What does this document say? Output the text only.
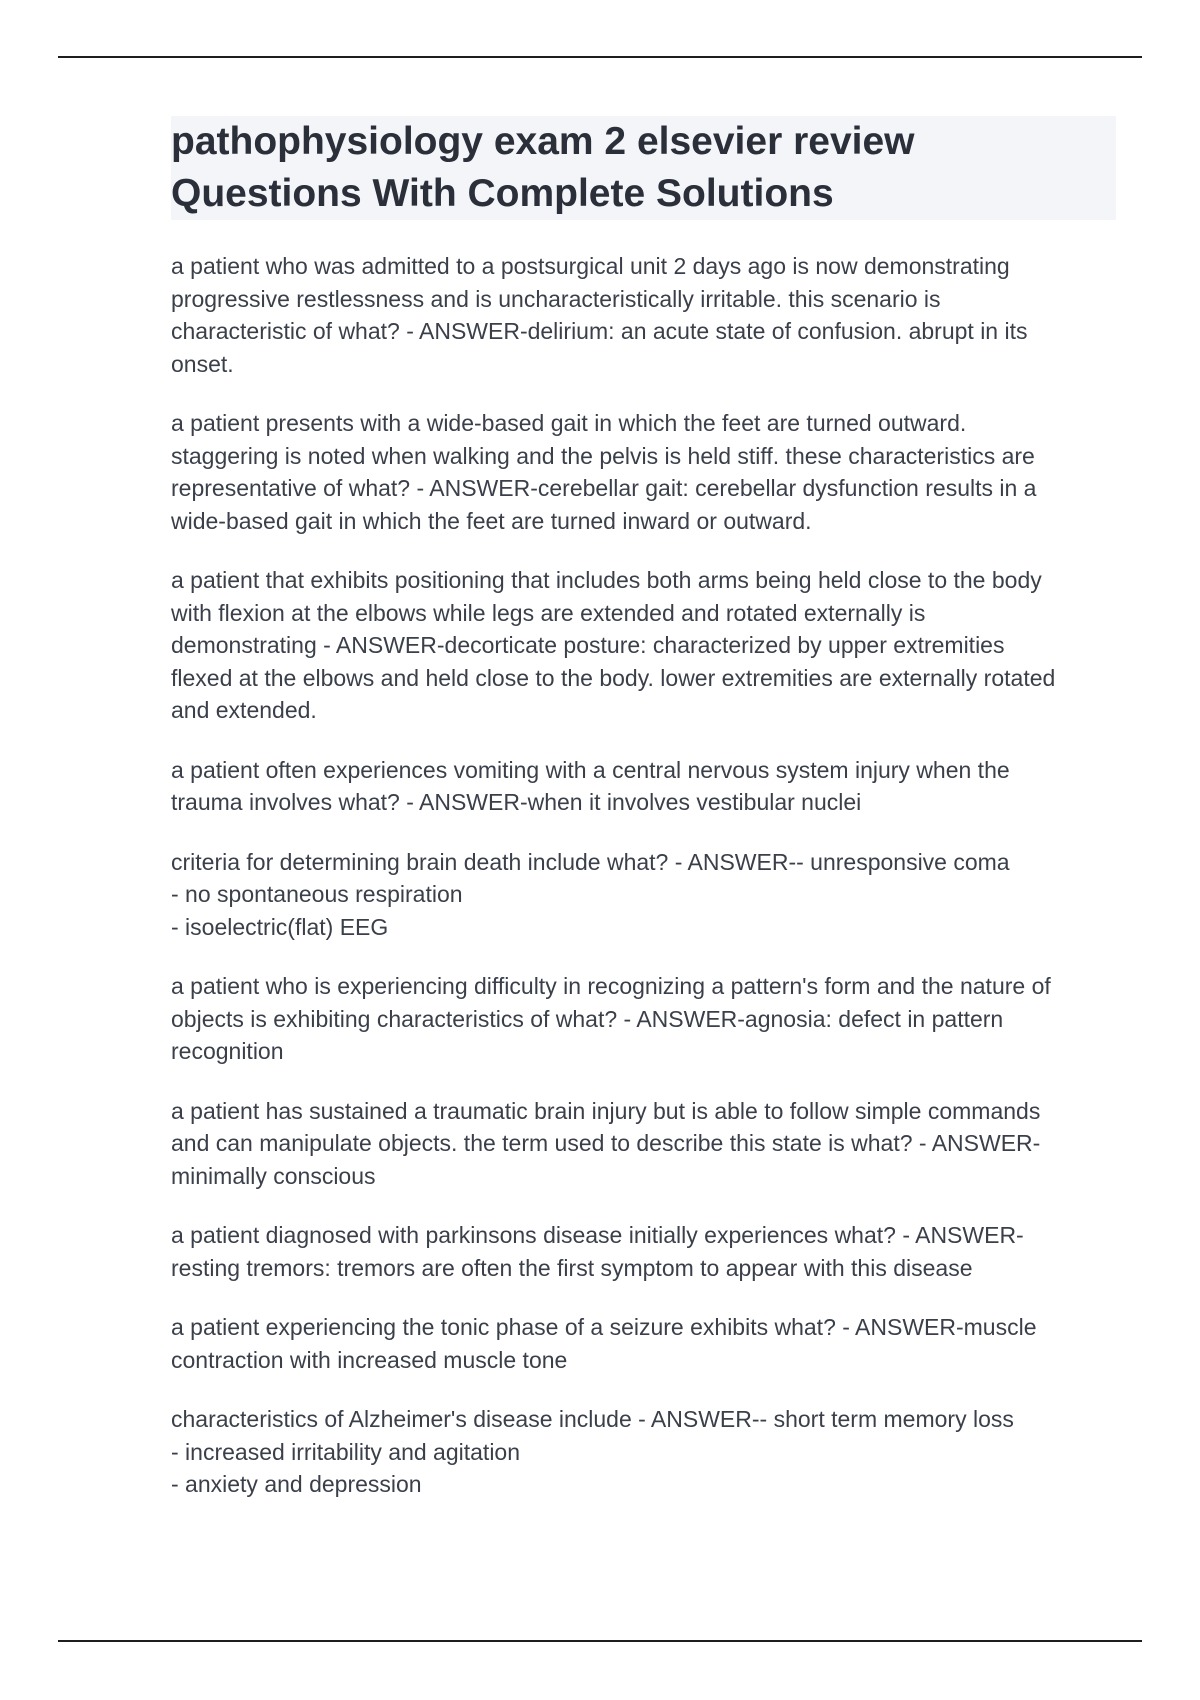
pathophysiology exam 2 elsevier review
Questions With Complete Solutions
a patient who was admitted to a postsurgical unit 2 days ago is now demonstrating
progressive restlessness and is uncharacteristically irritable. this scenario is
characteristic of what? - ANSWER-delirium: an acute state of confusion. abrupt in its
onset.
a patient presents with a wide-based gait in which the feet are turned outward.
staggering is noted when walking and the pelvis is held stiff. these characteristics are
representative of what? - ANSWER-cerebellar gait: cerebellar dysfunction results in a
wide-based gait in which the feet are turned inward or outward.
a patient that exhibits positioning that includes both arms being held close to the body
with flexion at the elbows while legs are extended and rotated externally is
demonstrating - ANSWER-decorticate posture: characterized by upper extremities
flexed at the elbows and held close to the body. lower extremities are externally rotated
and extended.
a patient often experiences vomiting with a central nervous system injury when the
trauma involves what? - ANSWER-when it involves vestibular nuclei
criteria for determining brain death include what? - ANSWER-- unresponsive coma
- no spontaneous respiration
- isoelectric(flat) EEG
a patient who is experiencing difficulty in recognizing a pattern's form and the nature of
objects is exhibiting characteristics of what? - ANSWER-agnosia: defect in pattern
recognition
a patient has sustained a traumatic brain injury but is able to follow simple commands
and can manipulate objects. the term used to describe this state is what? - ANSWER-
minimally conscious
a patient diagnosed with parkinsons disease initially experiences what? - ANSWER-
resting tremors: tremors are often the first symptom to appear with this disease
a patient experiencing the tonic phase of a seizure exhibits what? - ANSWER-muscle
contraction with increased muscle tone
characteristics of Alzheimer's disease include - ANSWER-- short term memory loss
- increased irritability and agitation
- anxiety and depression
